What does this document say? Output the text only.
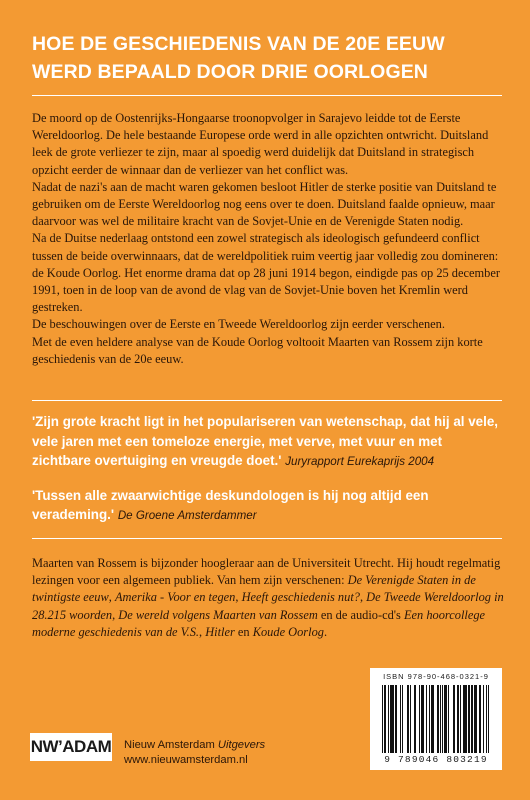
HOE DE GESCHIEDENIS VAN DE 20E EEUW
WERD BEPAALD DOOR DRIE OORLOGEN

De moord op de Oostenrijks-Hongaarse troonopvolger in Sarajevo leidde tot de Eerste Wereldoorlog. De hele bestaande Europese orde werd in alle opzichten ontwricht. Duitsland leek de grote verliezer te zijn, maar al spoedig werd duidelijk dat Duitsland in strategisch opzicht eerder de winnaar dan de verliezer van het conflict was.

Nadat de nazi's aan de macht waren gekomen besloot Hitler de sterke positie van Duitsland te gebruiken om de Eerste Wereldoorlog nog eens over te doen. Duitsland faalde opnieuw, maar daarvoor was wel de militaire kracht van de Sovjet-Unie en de Verenigde Staten nodig.

Na de Duitse nederlaag ontstond een zowel strategisch als ideologisch gefundeerd conflict tussen de beide overwinnaars, dat de wereldpolitiek ruim veertig jaar volledig zou domineren: de Koude Oorlog. Het enorme drama dat op 28 juni 1914 begon, eindigde pas op 25 december 1991, toen in de loop van de avond de vlag van de Sovjet-Unie boven het Kremlin werd gestreken.

De beschouwingen over de Eerste en Tweede Wereldoorlog zijn eerder verschenen.

Met de even heldere analyse van de Koude Oorlog voltooit Maarten van Rossem zijn korte geschiedenis van de 20e eeuw.

'Zijn grote kracht ligt in het populariseren van wetenschap, dat hij al vele, vele jaren met een tomeloze energie, met verve, met vuur en met zichtbare overtuiging en vreugde doet.' Juryrapport Eurekaprijs 2004

'Tussen alle zwaarwichtige deskundologen is hij nog altijd een verademing.' De Groene Amsterdammer

Maarten van Rossem is bijzonder hoogleraar aan de Universiteit Utrecht. Hij houdt regelmatig lezingen voor een algemeen publiek. Van hem zijn verschenen: De Verenigde Staten in de twintigste eeuw, Amerika - Voor en tegen, Heeft geschiedenis nut?, De Tweede Wereldoorlog in 28.215 woorden, De wereld volgens Maarten van Rossem en de audio-cd's Een hoorcollege moderne geschiedenis van de V.S., Hitler en Koude Oorlog.

NW’ADAM Nieuw Amsterdam Uitgevers
www.nieuwamsterdam.nl
ISBN 978-90-468-0321-9
9 789046 803219
